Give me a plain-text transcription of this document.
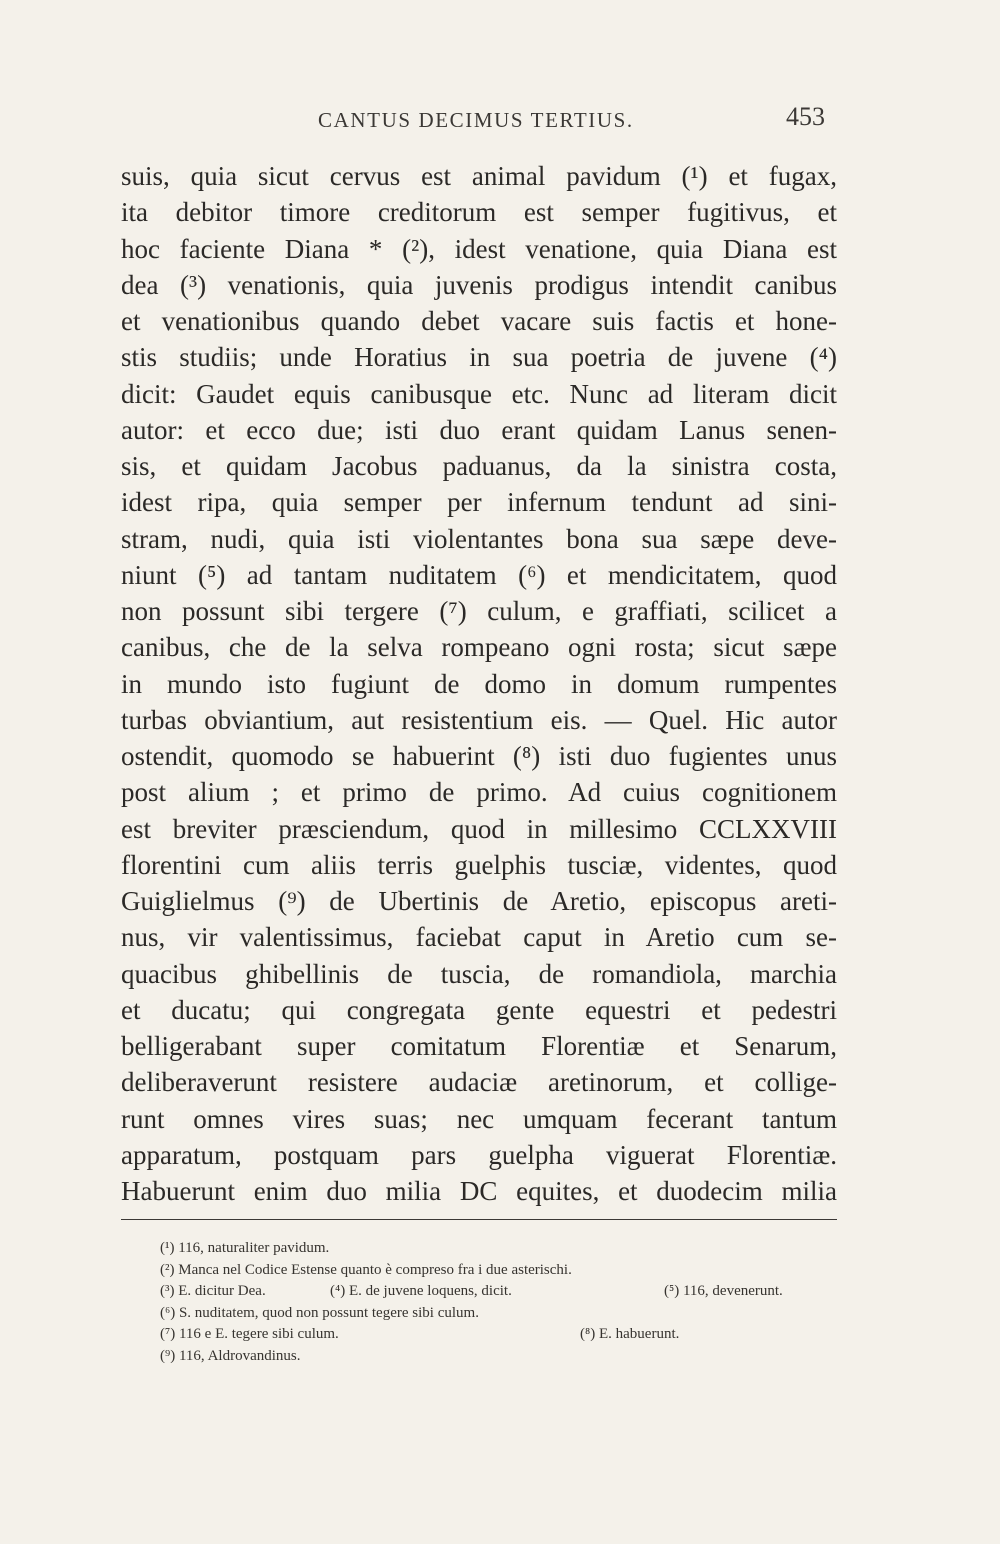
CANTUS DECIMUS TERTIUS.	453
suis, quia sicut cervus est animal pavidum (¹) et fugax,
ita debitor timore creditorum est semper fugitivus, et
hoc faciente Diana * (²), idest venatione, quia Diana est
dea (³) venationis, quia juvenis prodigus intendit canibus
et venationibus quando debet vacare suis factis et hone-
stis studiis; unde Horatius in sua poetria de juvene (⁴)
dicit: Gaudet equis canibusque etc. Nunc ad literam dicit
autor: et ecco due; isti duo erant quidam Lanus senen-
sis, et quidam Jacobus paduanus, da la sinistra costa,
idest ripa, quia semper per infernum tendunt ad sini-
stram, nudi, quia isti violentantes bona sua sæpe deve-
niunt (⁵) ad tantam nuditatem (⁶) et mendicitatem, quod
non possunt sibi tergere (⁷) culum, e graffiati, scilicet a
canibus, che de la selva rompeano ogni rosta; sicut sæpe
in mundo isto fugiunt de domo in domum rumpentes
turbas obviantium, aut resistentium eis. — Quel. Hic autor
ostendit, quomodo se habuerint (⁸) isti duo fugientes unus
post alium ; et primo de primo. Ad cuius cognitionem
est breviter præsciendum, quod in millesimo CCLXXVIII
florentini cum aliis terris guelphis tusciæ, videntes, quod
Guiglielmus (⁹) de Ubertinis de Aretio, episcopus areti-
nus, vir valentissimus, faciebat caput in Aretio cum se-
quacibus ghibellinis de tuscia, de romandiola, marchia
et ducatu; qui congregata gente equestri et pedestri
belligerabant super comitatum Florentiæ et Senarum,
deliberaverunt resistere audaciæ aretinorum, et collige-
runt omnes vires suas; nec umquam fecerant tantum
apparatum, postquam pars guelpha viguerat Florentiæ.
Habuerunt enim duo milia DC equites, et duodecim milia
(¹) 116, naturaliter pavidum.
(²) Manca nel Codice Estense quanto è compreso fra i due asterischi.
(³) E. dicitur Dea.	(⁴) E. de juvene loquens, dicit.	(⁵) 116, devenerunt.
(⁶) S. nuditatem, quod non possunt tegere sibi culum.
(⁷) 116 e E. tegere sibi culum.	(⁸) E. habuerunt.
(⁹) 116, Aldrovandinus.
